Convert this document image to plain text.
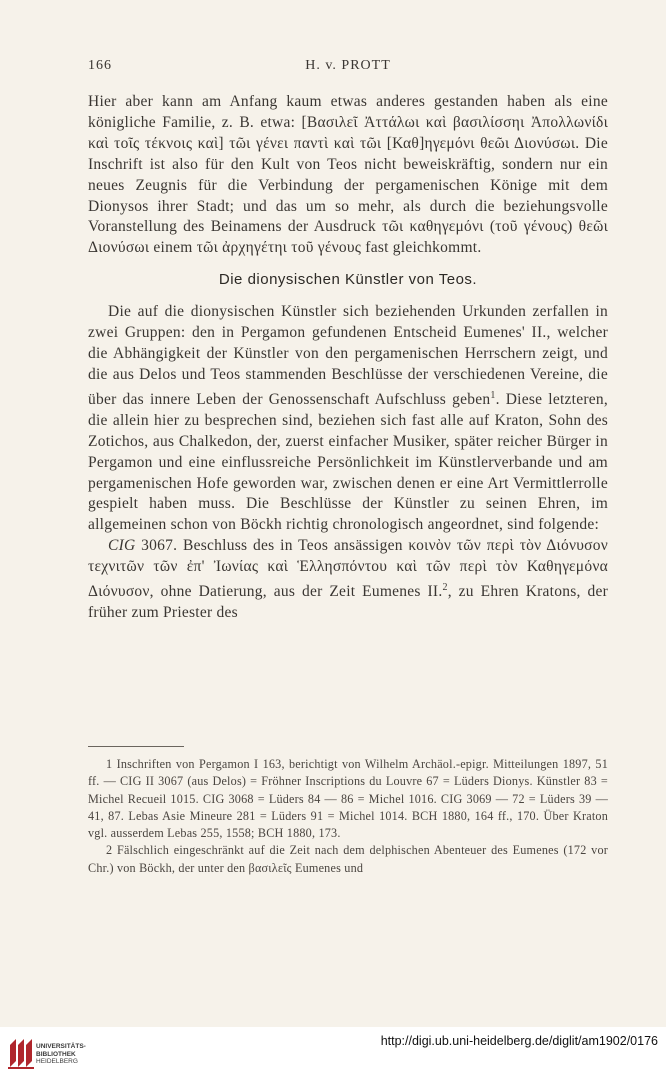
166	H. v. PROTT

Hier aber kann am Anfang kaum etwas anderes gestanden haben als eine königliche Familie, z. B. etwa: [Βασιλεῖ Ἀττάλωι καὶ βασιλίσσηι Ἀπολλωνίδι καὶ τοῖς τέκνοις καὶ] τῶι γένει παντὶ καὶ τῶι [Καθ]ηγεμόνι θεῶι Διονύσωι. Die Inschrift ist also für den Kult von Teos nicht beweiskräftig, sondern nur ein neues Zeugnis für die Verbindung der pergamenischen Könige mit dem Dionysos ihrer Stadt; und das um so mehr, als durch die beziehungsvolle Voranstellung des Beinamens der Ausdruck τῶι καθηγεμόνι (τοῦ γένους) θεῶι Διονύσωι einem τῶι ἀρχηγέτηι τοῦ γένους fast gleichkommt.

Die dionysischen Künstler von Teos.

Die auf die dionysischen Künstler sich beziehenden Urkunden zerfallen in zwei Gruppen: den in Pergamon gefundenen Entscheid Eumenes' II., welcher die Abhängigkeit der Künstler von den pergamenischen Herrschern zeigt, und die aus Delos und Teos stammenden Beschlüsse der verschiedenen Vereine, die über das innere Leben der Genossenschaft Aufschluss geben$^1$. Diese letzteren, die allein hier zu besprechen sind, beziehen sich fast alle auf Kraton, Sohn des Zotichos, aus Chalkedon, der, zuerst einfacher Musiker, später reicher Bürger in Pergamon und eine einflussreiche Persönlichkeit im Künstlerverbande und am pergamenischen Hofe geworden war, zwischen denen er eine Art Vermittlerrolle gespielt haben muss. Die Beschlüsse der Künstler zu seinen Ehren, im allgemeinen schon von Böckh richtig chronologisch angeordnet, sind folgende:

CIG 3067. Beschluss des in Teos ansässigen κοινὸν τῶν περὶ τὸν Διόνυσον τεχνιτῶν τῶν ἐπ' Ἰωνίας καὶ Ἑλλησπόντου καὶ τῶν περὶ τὸν Καθηγεμόνα Διόνυσον, ohne Datierung, aus der Zeit Eumenes II.$^2$, zu Ehren Kratons, der früher zum Priester des

1 Inschriften von Pergamon I 163, berichtigt von Wilhelm Archäol.-epigr. Mitteilungen 1897, 51 ff. — CIG II 3067 (aus Delos) = Fröhner Inscriptions du Louvre 67 = Lüders Dionys. Künstler 83 = Michel Recueil 1015. CIG 3068 = Lüders 84 — 86 = Michel 1016. CIG 3069 — 72 = Lüders 39 — 41, 87. Lebas Asie Mineure 281 = Lüders 91 = Michel 1014. BCH 1880, 164 ff., 170. Über Kraton vgl. ausserdem Lebas 255, 1558; BCH 1880, 173.

2 Fälschlich eingeschränkt auf die Zeit nach dem delphischen Abenteuer des Eumenes (172 vor Chr.) von Böckh, der unter den βασιλεῖς Eumenes und

UNIVERSITÄTS-
BIBLIOTHEK
HEIDELBERG
http://digi.ub.uni-heidelberg.de/diglit/am1902/0176
